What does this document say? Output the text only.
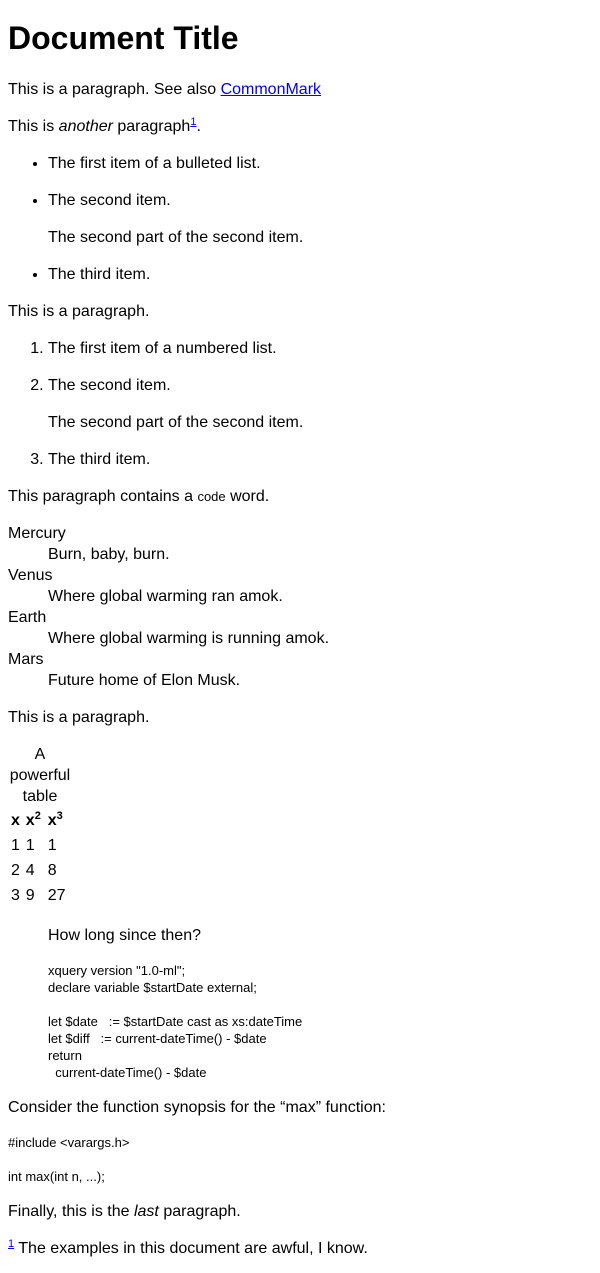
Document Title

This is a paragraph. See also CommonMark

This is another paragraph$^1$.

• The first item of a bulleted list.

• The second item.

The second part of the second item.

• The third item.

This is a paragraph.

1. The first item of a numbered list.

2. The second item.

The second part of the second item.

3. The third item.

This paragraph contains a code word.

Mercury
Burn, baby, burn.
Venus
Where global warming ran amok.
Earth
Where global warming is running amok.
Mars
Future home of Elon Musk.

This is a paragraph.

A powerful table
x	$x^2$	$x^3$
1	1	1
2	4	8
3	9	27

How long since then?

xquery version "1.0-ml";
declare variable $startDate external;

let $date   := $startDate cast as xs:dateTime
let $diff   := current-dateTime() - $date
return
current-dateTime() - $date

Consider the function synopsis for the “max” function:

#include <varargs.h>

int max(int n, ...);

Finally, this is the last paragraph.

$^1$ The examples in this document are awful, I know.
